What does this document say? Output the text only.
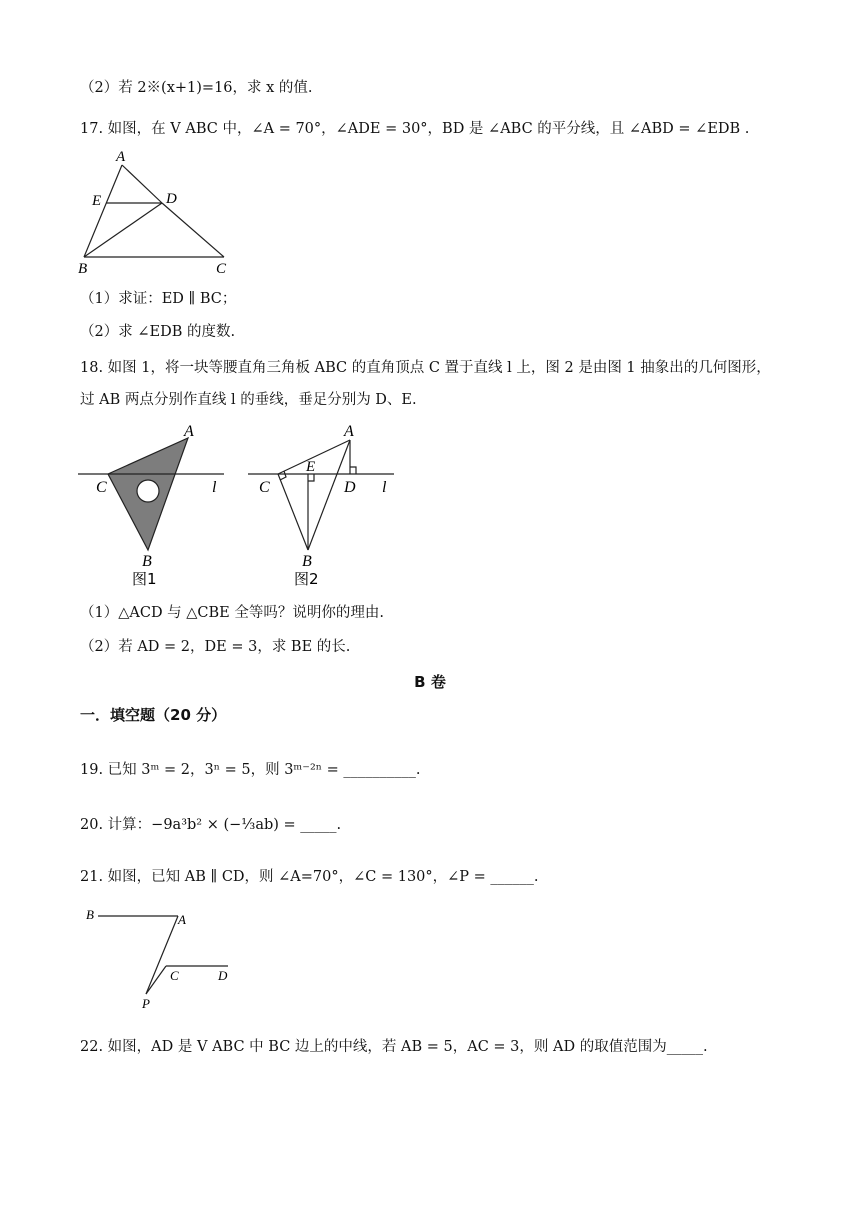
（2）若 2※(x+1)=16，求 x 的值.
17. 如图，在 V ABC 中，∠A = 70°，∠ADE = 30°，BD 是 ∠ABC 的平分线，且 ∠ABD = ∠EDB .
A
E	D
B	C
（1）求证：ED ∥ BC；
（2）求 ∠EDB 的度数.
18. 如图 1，将一块等腰直角三角板 ABC 的直角顶点 C 置于直线 l 上，图 2 是由图 1 抽象出的几何图形，
过 AB 两点分别作直线 l 的垂线，垂足分别为 D、E.
A
C	l
B
图1
A
E
C	D l
B
图2
（1）△ACD 与 △CBE 全等吗？说明你的理由.
（2）若 AD = 2，DE = 3，求 BE 的长.
B 卷
一．填空题（20 分）
19. 已知 3ᵐ = 2，3ⁿ = 5，则 3ᵐ⁻²ⁿ = __________.
20. 计算：−9a³b² × (−⅓ab) = _____.
21. 如图，已知 AB ∥ CD，则 ∠A=70°，∠C = 130°，∠P = ______.
B	A
C	D
P
22. 如图，AD 是 V ABC 中 BC 边上的中线，若 AB = 5，AC = 3，则 AD 的取值范围为_____.
